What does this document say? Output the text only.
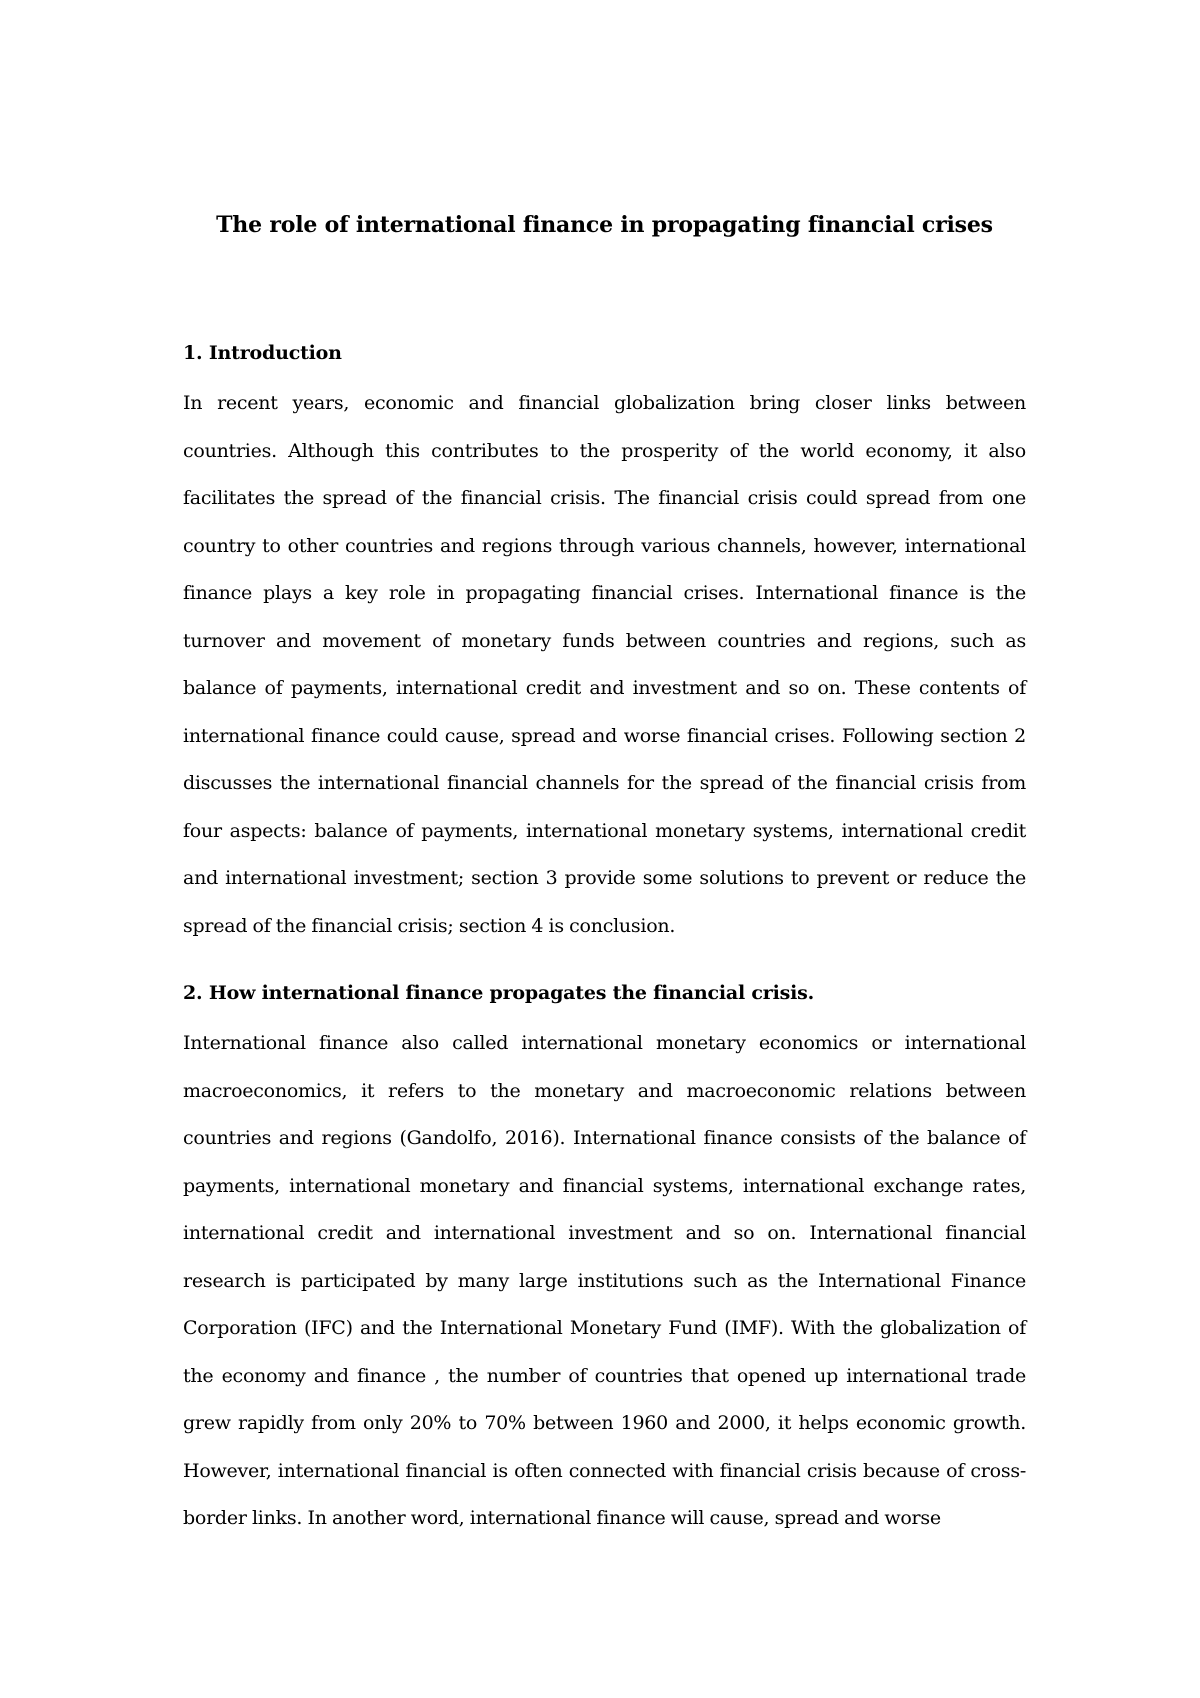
The role of international finance in propagating financial crises
1. Introduction

In recent years, economic and financial globalization bring closer links between countries. Although this contributes to the prosperity of the world economy, it also facilitates the spread of the financial crisis. The financial crisis could spread from one country to other countries and regions through various channels, however, international finance plays a key role in propagating financial crises. International finance is the turnover and movement of monetary funds between countries and regions, such as balance of payments, international credit and investment and so on. These contents of international finance could cause, spread and worse financial crises. Following section 2 discusses the international financial channels for the spread of the financial crisis from four aspects: balance of payments, international monetary systems, international credit and international investment; section 3 provide some solutions to prevent or reduce the spread of the financial crisis; section 4 is conclusion.

2. How international finance propagates the financial crisis.

International finance also called international monetary economics or international macroeconomics, it refers to the monetary and macroeconomic relations between countries and regions (Gandolfo, 2016). International finance consists of the balance of payments, international monetary and financial systems, international exchange rates, international credit and international investment and so on. International financial research is participated by many large institutions such as the International Finance Corporation (IFC) and the International Monetary Fund (IMF). With the globalization of the economy and finance , the number of countries that opened up international trade grew rapidly from only 20% to 70% between 1960 and 2000, it helps economic growth. However, international financial is often connected with financial crisis because of cross-border links. In another word, international finance will cause, spread and worse
